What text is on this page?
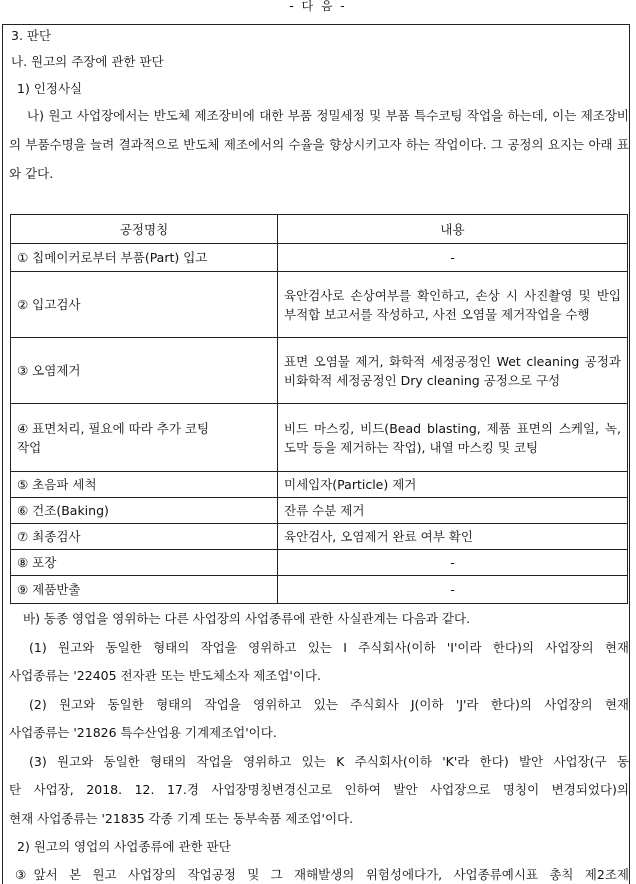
- 다 음 -
3. 판단
나. 원고의 주장에 관한 판단
1) 인정사실
나) 원고 사업장에서는 반도체 제조장비에 대한 부품 정밀세정 및 부품 특수코팅 작업을 하는데, 이는 제조장비의 부품수명을 늘려 결과적으로 반도체 제조에서의 수율을 향상시키고자 하는 작업이다. 그 공정의 요지는 아래 표와 같다.
공정명칭	내용
① 칩메이커로부터 부품(Part) 입고	-
② 입고검사	육안검사로 손상여부를 확인하고, 손상 시 사진촬영 및 반입 부적합 보고서를 작성하고, 사전 오염물 제거작업을 수행
③ 오염제거	표면 오염물 제거, 화학적 세정공정인 Wet cleaning 공정과 비화학적 세정공정인 Dry cleaning 공정으로 구성
④ 표면처리, 필요에 따라 추가 코팅작업	비드 마스킹, 비드(Bead blasting, 제품 표면의 스케일, 녹, 도막 등을 제거하는 작업), 내열 마스킹 및 코팅
⑤ 초음파 세척	미세입자(Particle) 제거
⑥ 건조(Baking)	잔류 수분 제거
⑦ 최종검사	육안검사, 오염제거 완료 여부 확인
⑧ 포장	-
⑨ 제품반출	-
바) 동종 영업을 영위하는 다른 사업장의 사업종류에 관한 사실관계는 다음과 같다.
(1) 원고와 동일한 형태의 작업을 영위하고 있는 I 주식회사(이하 'I'이라 한다)의 사업장의 현재
사업종류는 '22405 전자관 또는 반도체소자 제조업'이다.
(2) 원고와 동일한 형태의 작업을 영위하고 있는 주식회사 J(이하 'J'라 한다)의 사업장의 현재
사업종류는 '21826 특수산업용 기계제조업'이다.
(3) 원고와 동일한 형태의 작업을 영위하고 있는 K 주식회사(이하 'K'라 한다) 발안 사업장(구 동
탄 사업장, 2018. 12. 17.경 사업장명칭변경신고로 인하여 발안 사업장으로 명칭이 변경되었다)의
현재 사업종류는 '21835 각종 기계 또는 동부속품 제조업'이다.
2) 원고의 영업의 사업종류에 관한 판단
③앞서 본 원고 사업장의 작업공정 및 그 재해발생의 위험성에다가, 사업종류예시표 총칙 제2조제
